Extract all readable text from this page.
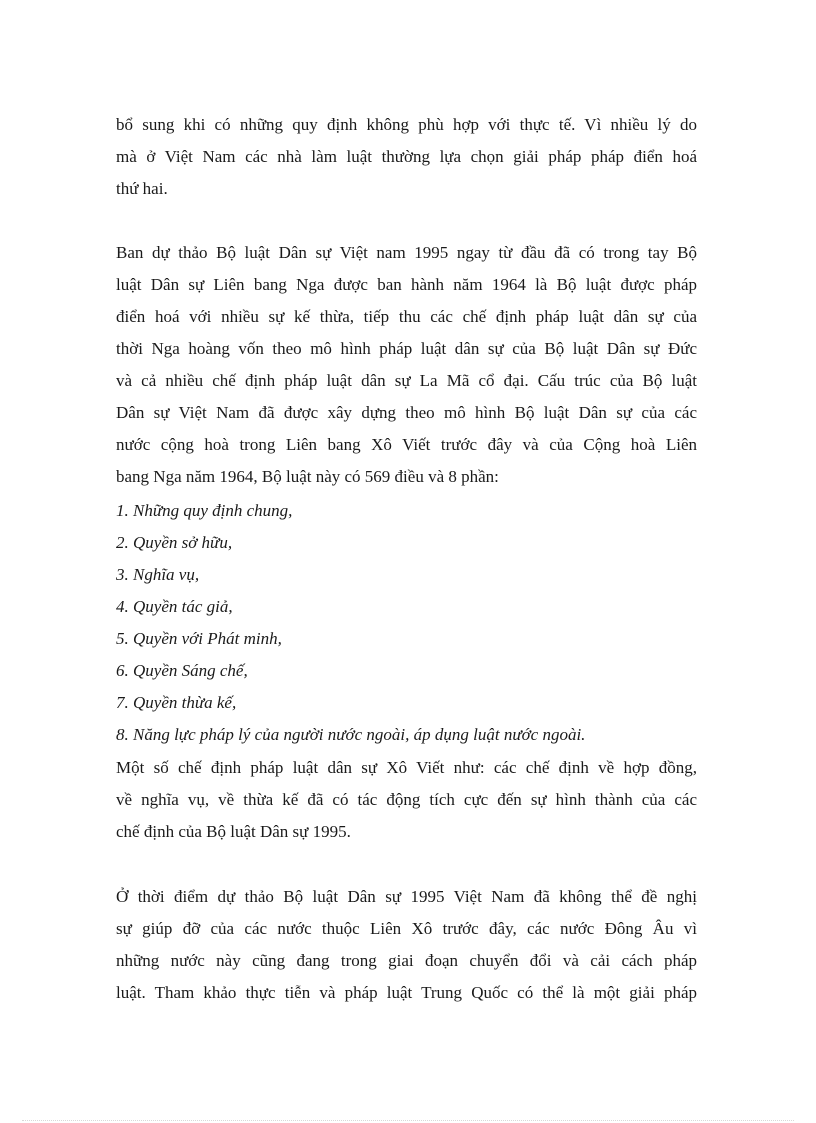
bổ sung khi có những quy định không phù hợp với thực tế. Vì nhiều lý do
mà ở Việt Nam các nhà làm luật thường lựa chọn giải pháp pháp điển hoá
thứ hai.
Ban dự thảo Bộ luật Dân sự Việt nam 1995 ngay từ đầu đã có trong tay Bộ
luật Dân sự Liên bang Nga được ban hành năm 1964 là Bộ luật được pháp
điển hoá với nhiều sự kế thừa, tiếp thu các chế định pháp luật dân sự của
thời Nga hoàng vốn theo mô hình pháp luật dân sự của Bộ luật Dân sự Đức
và cả nhiều chế định pháp luật dân sự La Mã cổ đại. Cấu trúc của Bộ luật
Dân sự Việt Nam đã được xây dựng theo mô hình Bộ luật Dân sự của các
nước cộng hoà trong Liên bang Xô Viết trước đây và của Cộng hoà Liên
bang Nga năm 1964, Bộ luật này có 569 điều và 8 phần:
1. Những quy định chung,
2. Quyền sở hữu,
3. Nghĩa vụ,
4. Quyền tác giả,
5. Quyền với Phát minh,
6. Quyền Sáng chế,
7. Quyền thừa kế,
8. Năng lực pháp lý của người nước ngoài, áp dụng luật nước ngoài.
Một số chế định pháp luật dân sự Xô Viết như: các chế định về hợp đồng,
về nghĩa vụ, về thừa kế đã có tác động tích cực đến sự hình thành của các
chế định của Bộ luật Dân sự 1995.
Ở thời điểm dự thảo Bộ luật Dân sự 1995 Việt Nam đã không thể đề nghị
sự giúp đỡ của các nước thuộc Liên Xô trước đây, các nước Đông Âu vì
những nước này cũng đang trong giai đoạn chuyển đổi và cải cách pháp
luật. Tham khảo thực tiễn và pháp luật Trung Quốc có thể là một giải pháp
